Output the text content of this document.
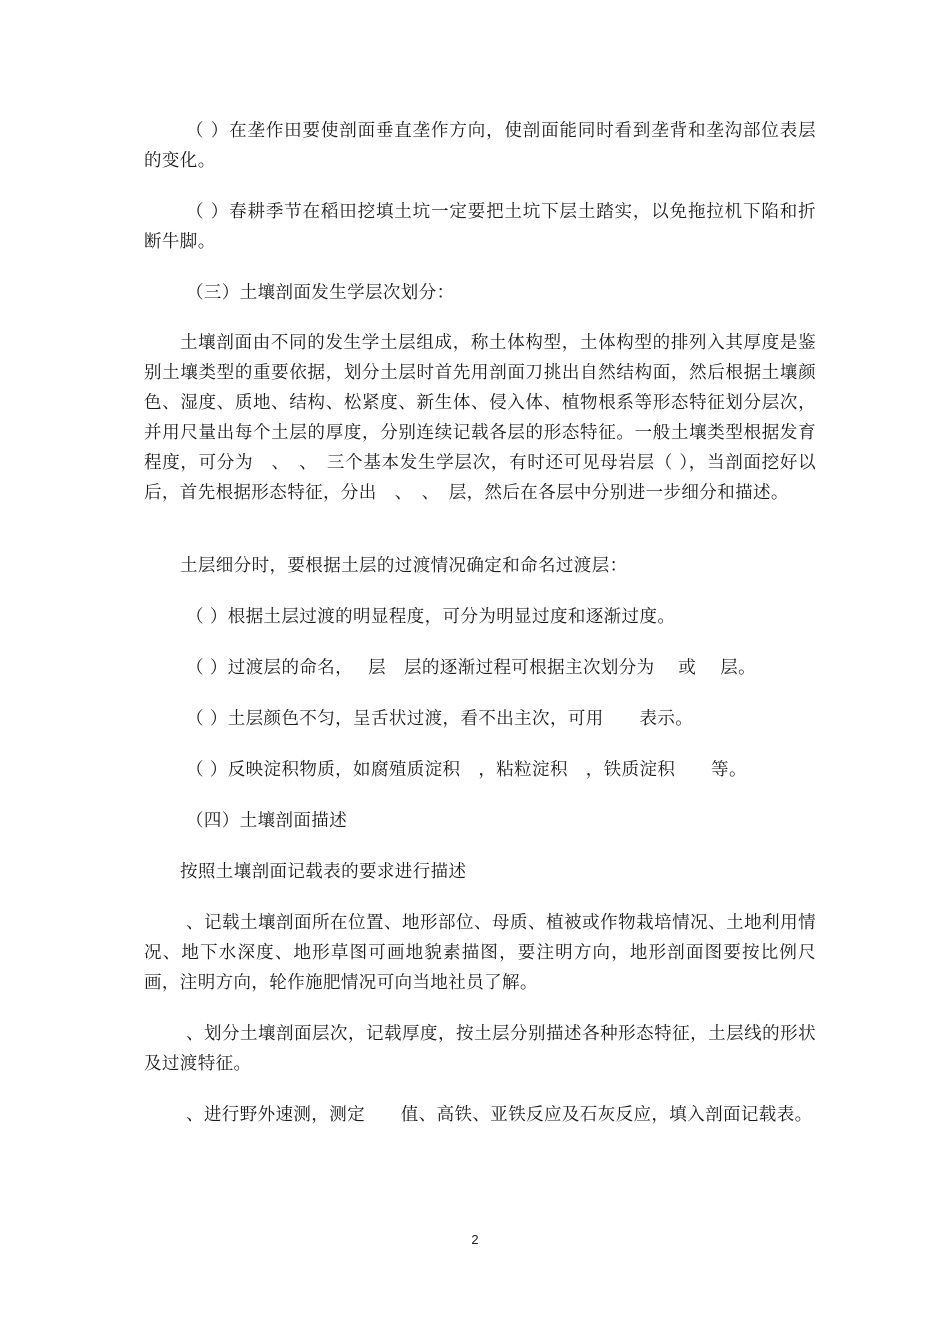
（ ）在垄作田要使剖面垂直垄作方向，使剖面能同时看到垄背和垄沟部位表层的变化。

（ ）春耕季节在稻田挖填土坑一定要把土坑下层土踏实，以免拖拉机下陷和折断牛脚。

（三）土壤剖面发生学层次划分：

土壤剖面由不同的发生学土层组成，称土体构型，土体构型的排列入其厚度是鉴别土壤类型的重要依据，划分土层时首先用剖面刀挑出自然结构面，然后根据土壤颜色、湿度、质地、结构、松紧度、新生体、侵入体、植物根系等形态特征划分层次，并用尺量出每个土层的厚度，分别连续记载各层的形态特征。一般土壤类型根据发育程度，可分为　、　、　三个基本发生学层次，有时还可见母岩层（ ），当剖面挖好以后，首先根据形态特征，分出　、　、　层，然后在各层中分别进一步细分和描述。

土层细分时，要根据土层的过渡情况确定和命名过渡层：

（ ）根据土层过渡的明显程度，可分为明显过度和逐渐过度。

（ ）过渡层的命名，　 层　层的逐渐过程可根据主次划分为　 或　 层。

（ ）土层颜色不匀，呈舌状过渡，看不出主次，可用　　表示。

（ ）反映淀积物质，如腐殖质淀积　，粘粒淀积　，铁质淀积　　等。

（四）土壤剖面描述

按照土壤剖面记载表的要求进行描述

、记载土壤剖面所在位置、地形部位、母质、植被或作物栽培情况、土地利用情况、地下水深度、地形草图可画地貌素描图，要注明方向，地形剖面图要按比例尺画，注明方向，轮作施肥情况可向当地社员了解。

、划分土壤剖面层次，记载厚度，按土层分别描述各种形态特征，土层线的形状及过渡特征。

、进行野外速测，测定　　值、高铁、亚铁反应及石灰反应，填入剖面记载表。

2
